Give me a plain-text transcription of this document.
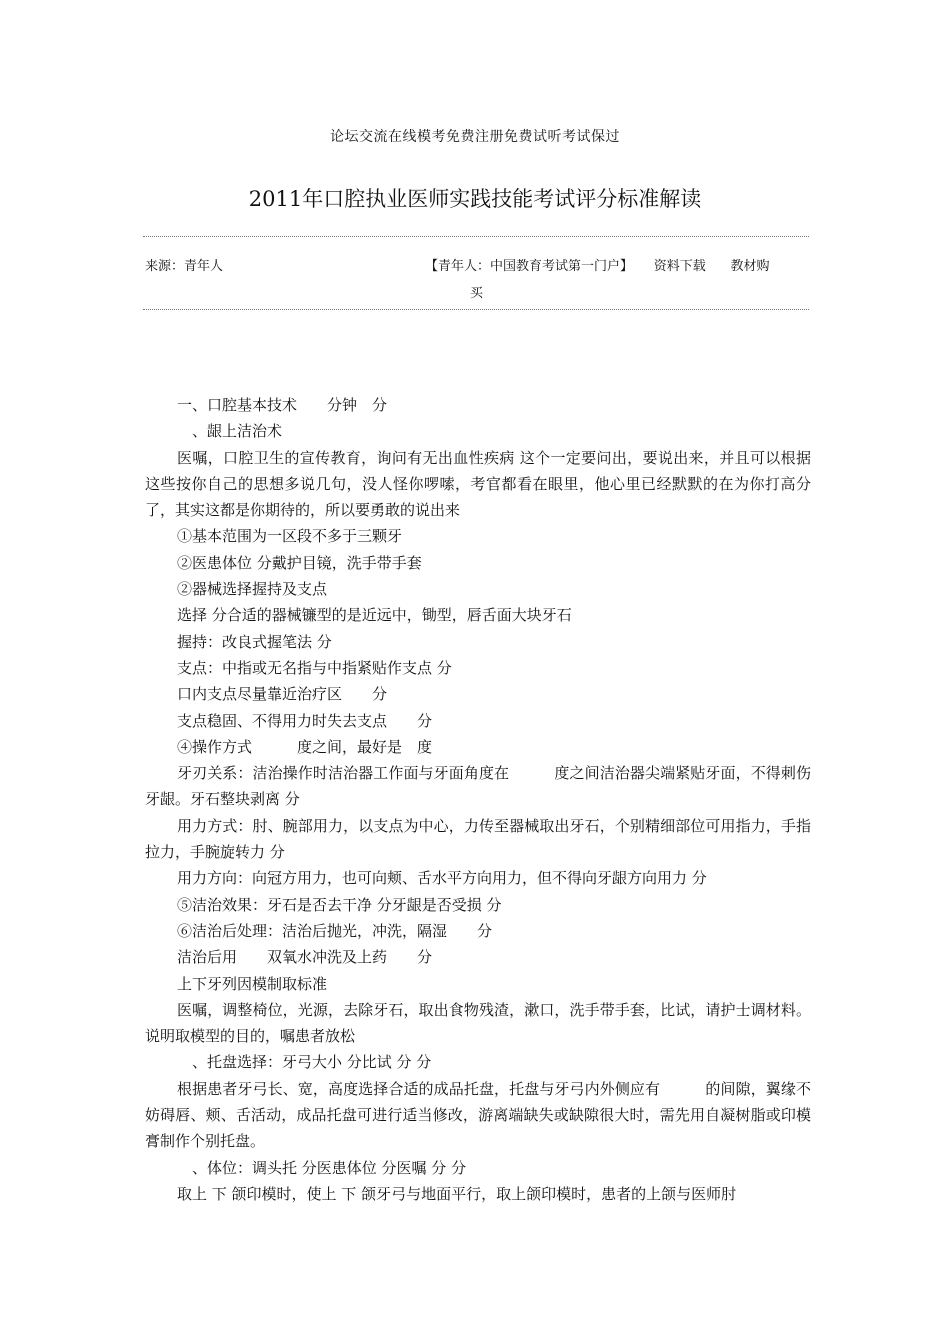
论坛交流在线模考免费注册免费试听考试保过
2011年口腔执业医师实践技能考试评分标准解读
来源：青年人	【青年人：中国教育考试第一门户】 资料下载 教材购
买

一、口腔基本技术　　分钟　分

　、龈上洁治术

医嘱，口腔卫生的宣传教育，询问有无出血性疾病 这个一定要问出，要说出来，并且可以根据这些按你自己的思想多说几句，没人怪你啰嗦，考官都看在眼里，他心里已经默默的在为你打高分了，其实这都是你期待的，所以要勇敢的说出来

①基本范围为一区段不多于三颗牙

②医患体位 分戴护目镜，洗手带手套

②器械选择握持及支点

选择 分合适的器械镰型的是近远中，锄型，唇舌面大块牙石

握持：改良式握笔法 分

支点：中指或无名指与中指紧贴作支点 分

口内支点尽量靠近治疗区　　分

支点稳固、不得用力时失去支点　　分

④操作方式　　　度之间，最好是　度

牙刃关系：洁治操作时洁治器工作面与牙面角度在　　　度之间洁治器尖端紧贴牙面，不得刺伤牙龈。牙石整块剥离 分

用力方式：肘、腕部用力，以支点为中心，力传至器械取出牙石，个别精细部位可用指力，手指拉力，手腕旋转力 分

用力方向：向冠方用力，也可向颊、舌水平方向用力，但不得向牙龈方向用力 分

⑤洁治效果：牙石是否去干净 分牙龈是否受损 分

⑥洁治后处理：洁治后抛光，冲洗，隔湿　　分

洁治后用　　双氧水冲洗及上药　　分

上下牙列因模制取标准

医嘱，调整椅位，光源，去除牙石，取出食物残渣，漱口，洗手带手套，比试，请护士调材料。说明取模型的目的，嘱患者放松

　、托盘选择：牙弓大小 分比试 分 分

根据患者牙弓长、宽，高度选择合适的成品托盘，托盘与牙弓内外侧应有　　　的间隙，翼缘不妨碍唇、颊、舌活动，成品托盘可进行适当修改，游离端缺失或缺隙很大时，需先用自凝树脂或印模膏制作个别托盘。

　、体位：调头托 分医患体位 分医嘱 分 分

取上 下 颌印模时，使上 下 颌牙弓与地面平行，取上颌印模时，患者的上颌与医师肘
